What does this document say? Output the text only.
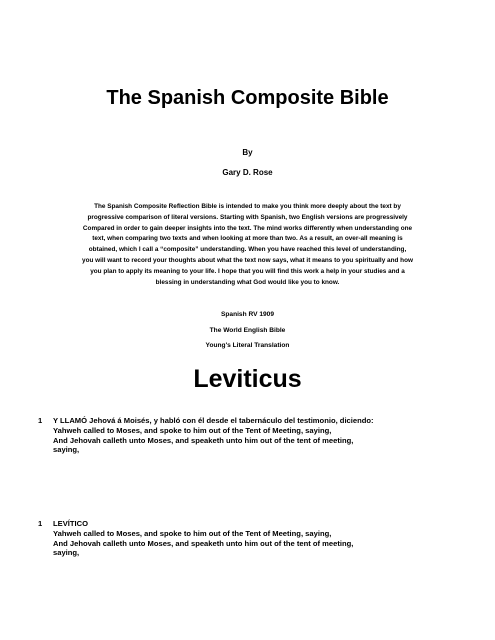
The Spanish Composite Bible
By
Gary D. Rose
The Spanish Composite Reflection Bible is intended to make you think more deeply about the text by
progressive comparison of literal versions. Starting with Spanish, two English versions are progressively
Compared in order to gain deeper insights into the text. The mind works differently when understanding one
text, when comparing two texts and when looking at more than two. As a result, an over-all meaning is
obtained, which I call a “composite” understanding. When you have reached this level of understanding,
you will want to record your thoughts about what the text now says, what it means to you spiritually and how
you plan to apply its meaning to your life. I hope that you will find this work a help in your studies and a
blessing in understanding what God would like you to know.
Spanish RV 1909
The World English Bible
Young's Literal Translation
Leviticus
1 Y LLAMÓ Jehová á Moisés, y habló con él desde el tabernáculo del testimonio, diciendo:
Yahweh called to Moses, and spoke to him out of the Tent of Meeting, saying,
And Jehovah calleth unto Moses, and speaketh unto him out of the tent of meeting,
saying,
1 LEVÍTICO
Yahweh called to Moses, and spoke to him out of the Tent of Meeting, saying,
And Jehovah calleth unto Moses, and speaketh unto him out of the tent of meeting,
saying,
